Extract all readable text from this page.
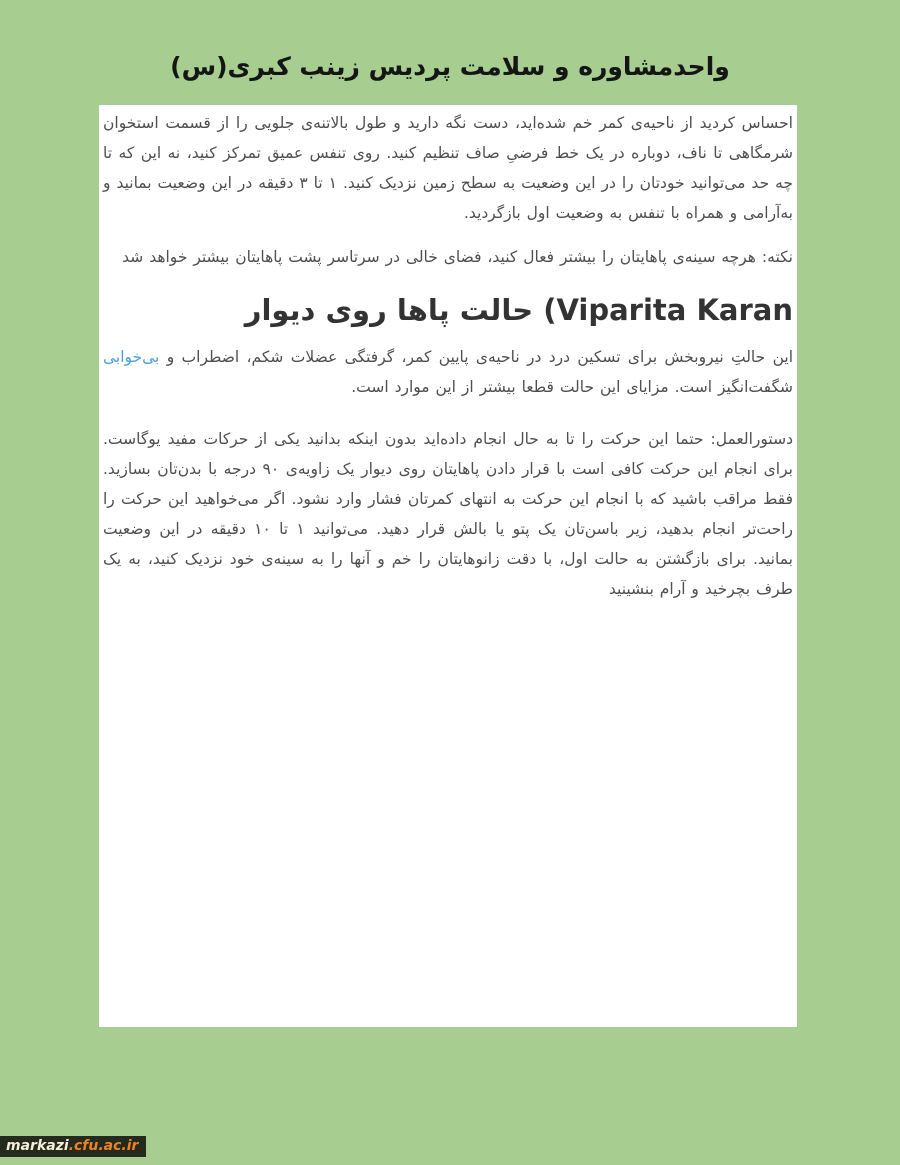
واحدمشاوره و سلامت پردیس زینب کبری(س)

احساس کردید از ناحیه‌ی کمر خم شده‌اید، دست نگه دارید و طول بالاتنه‌ی جلویی را از قسمت استخوان شرمگاهی تا ناف، دوباره در یک خط فرضیِ صاف تنظیم کنید. روی تنفس عمیق تمرکز کنید، نه این که تا چه حد می‌توانید خودتان را در این وضعیت به سطح زمین نزدیک کنید. ۱ تا ۳ دقیقه در این وضعیت بمانید و به‌آرامی و همراه با تنفس به وضعیت اول بازگردید.

نکته: هرچه سینه‌ی پاهایتان را بیشتر فعال کنید، فضای خالی در سرتاسر پشت پاهایتان بیشتر خواهد شد

Viparita Karan) حالت پاها روی دیوار

این حالتِ نیروبخش برای تسکین درد در ناحیه‌ی پایین کمر، گرفتگی عضلات شکم، اضطراب و بی‌خوابی شگفت‌انگیز است. مزایای این حالت قطعا بیشتر از این موارد است.

دستورالعمل: حتما این حرکت را تا به حال انجام داده‌اید بدون اینکه بدانید یکی از حرکات مفید یوگاست. برای انجام این حرکت کافی است با قرار دادن پاهایتان روی دیوار یک زاویه‌ی ۹۰ درجه با بدن‌تان بسازید. فقط مراقب باشید که با انجام این حرکت به انتهای کمرتان فشار وارد نشود. اگر می‌خواهید این حرکت را راحت‌تر انجام بدهید، زیر باسن‌تان یک پتو یا بالش قرار دهید. می‌توانید ۱ تا ۱۰ دقیقه در این وضعیت بمانید. برای بازگشتن به حالت اول، با دقت زانوهایتان را خم و آنها را به سینه‌ی خود نزدیک کنید، به یک طرف بچرخید و آرام بنشینید

markazi .cfu.ac.ir
